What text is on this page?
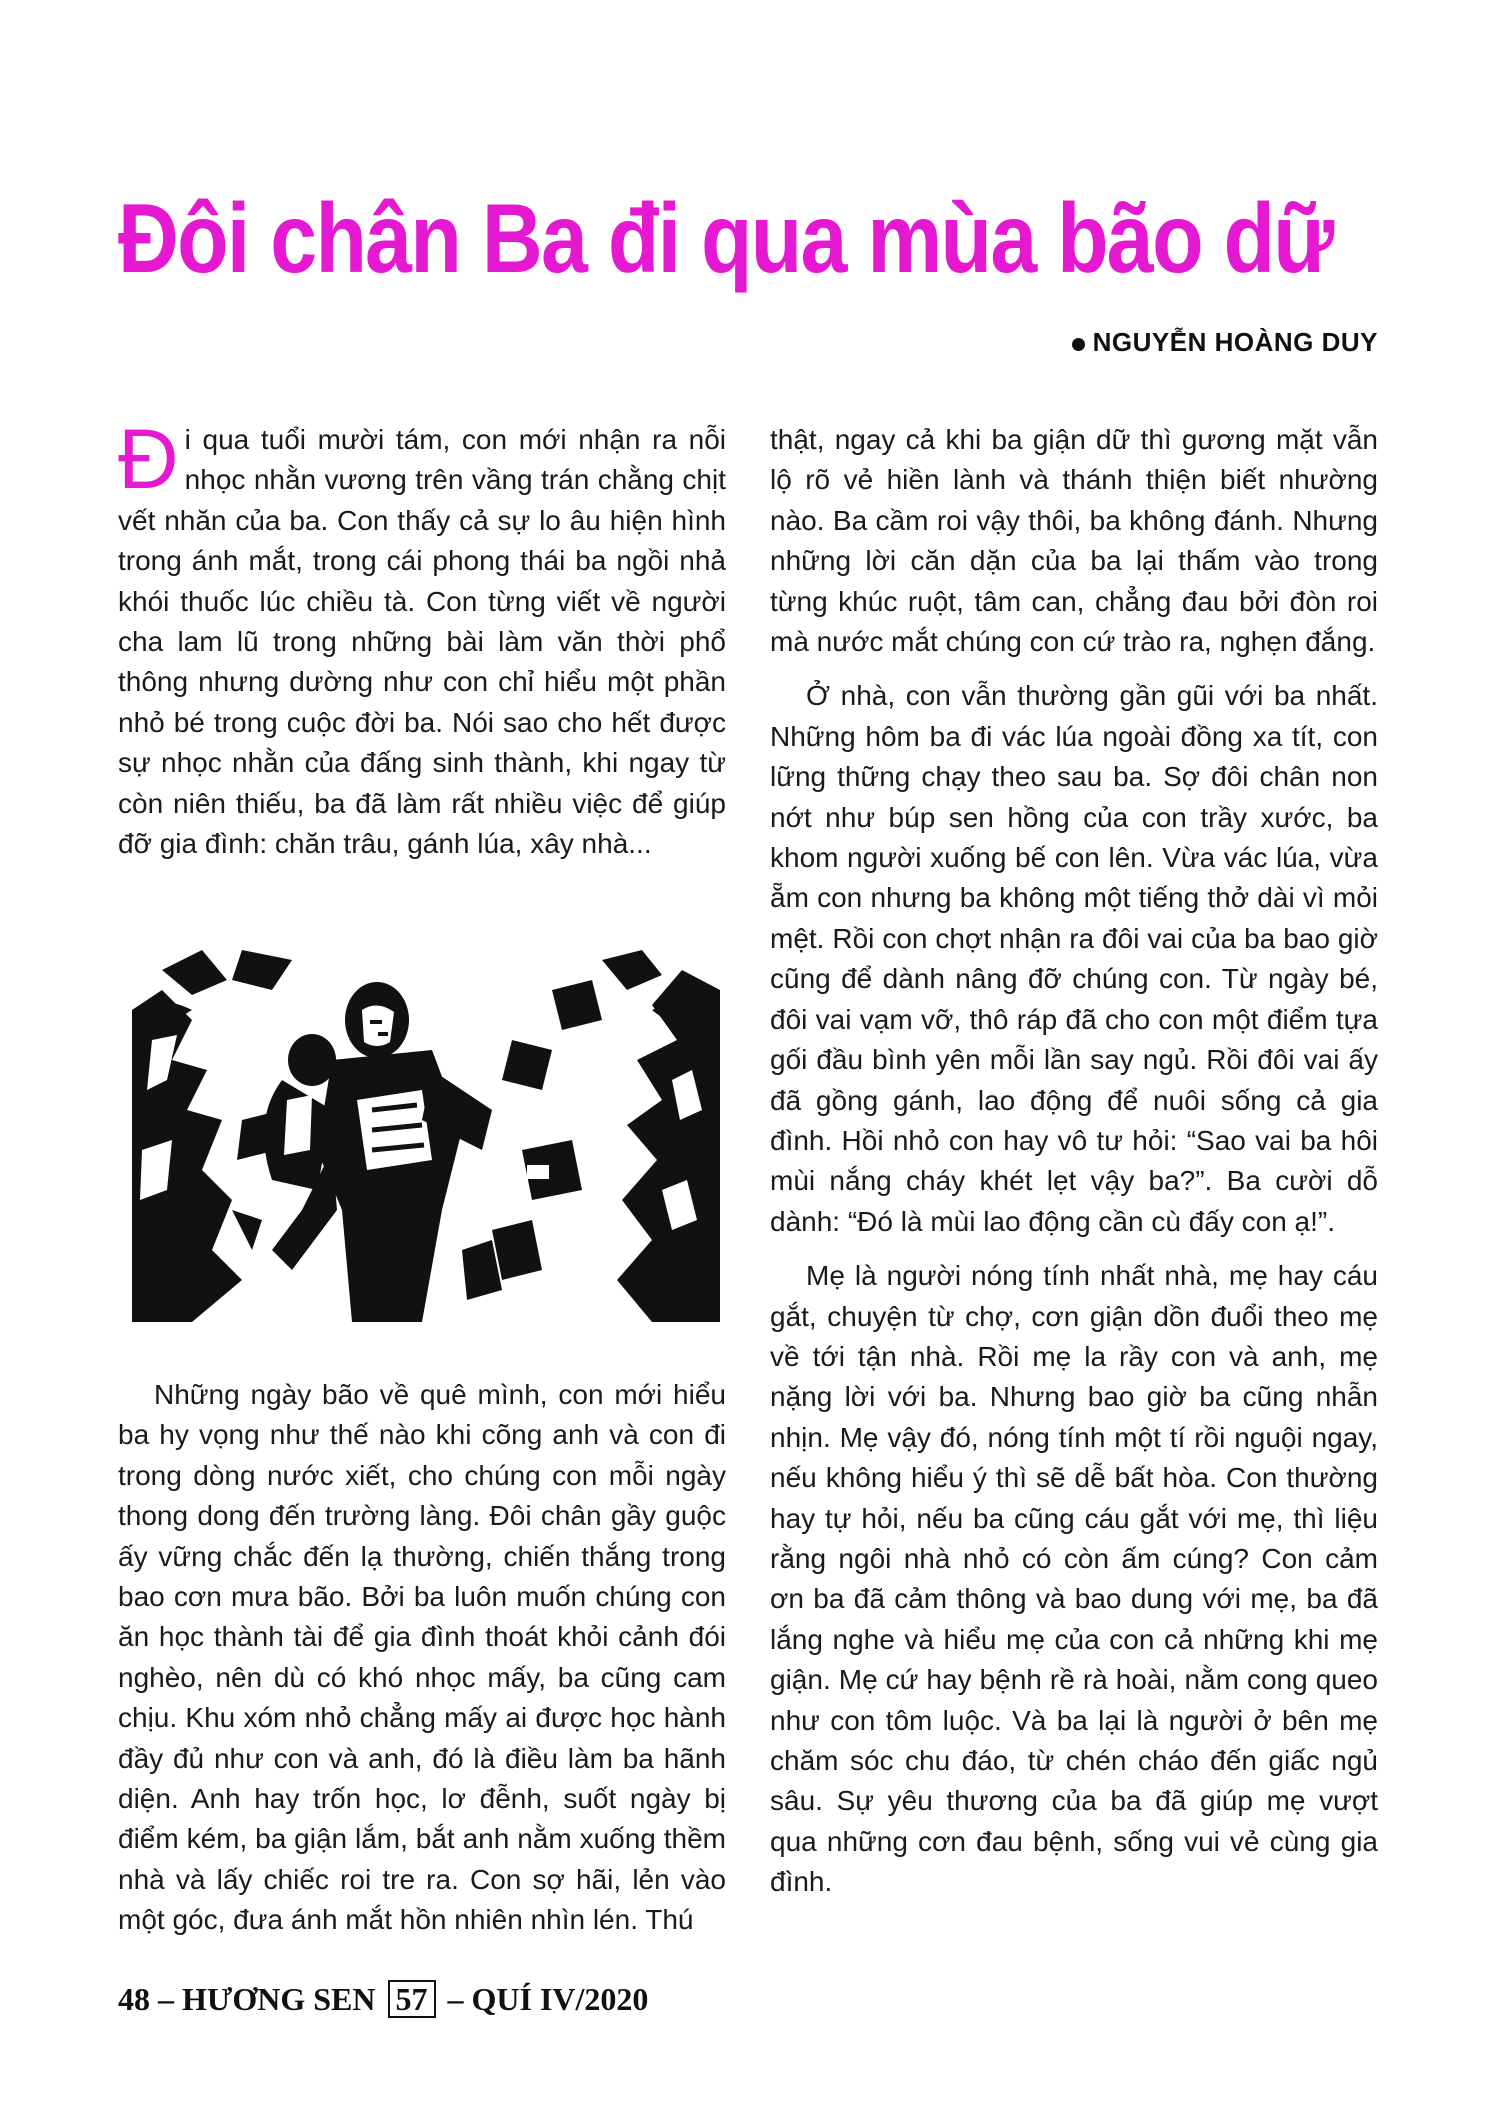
Đôi chân Ba đi qua mùa bão dữ
NGUYỄN HOÀNG DUY

Đi qua tuổi mười tám, con mới nhận ra nỗi nhọc nhằn vương trên vầng trán chằng chịt vết nhăn của ba. Con thấy cả sự lo âu hiện hình trong ánh mắt, trong cái phong thái ba ngồi nhả khói thuốc lúc chiều tà. Con từng viết về người cha lam lũ trong những bài làm văn thời phổ thông nhưng dường như con chỉ hiểu một phần nhỏ bé trong cuộc đời ba. Nói sao cho hết được sự nhọc nhằn của đấng sinh thành, khi ngay từ còn niên thiếu, ba đã làm rất nhiều việc để giúp đỡ gia đình: chăn trâu, gánh lúa, xây nhà...

Những ngày bão về quê mình, con mới hiểu ba hy vọng như thế nào khi cõng anh và con đi trong dòng nước xiết, cho chúng con mỗi ngày thong dong đến trường làng. Đôi chân gầy guộc ấy vững chắc đến lạ thường, chiến thắng trong bao cơn mưa bão. Bởi ba luôn muốn chúng con ăn học thành tài để gia đình thoát khỏi cảnh đói nghèo, nên dù có khó nhọc mấy, ba cũng cam chịu. Khu xóm nhỏ chẳng mấy ai được học hành đầy đủ như con và anh, đó là điều làm ba hãnh diện. Anh hay trốn học, lơ đễnh, suốt ngày bị điểm kém, ba giận lắm, bắt anh nằm xuống thềm nhà và lấy chiếc roi tre ra. Con sợ hãi, lẻn vào một góc, đưa ánh mắt hồn nhiên nhìn lén. Thú

thật, ngay cả khi ba giận dữ thì gương mặt vẫn lộ rõ vẻ hiền lành và thánh thiện biết nhường nào. Ba cầm roi vậy thôi, ba không đánh. Nhưng những lời căn dặn của ba lại thấm vào trong từng khúc ruột, tâm can, chẳng đau bởi đòn roi mà nước mắt chúng con cứ trào ra, nghẹn đắng.

Ở nhà, con vẫn thường gần gũi với ba nhất. Những hôm ba đi vác lúa ngoài đồng xa tít, con lững thững chạy theo sau ba. Sợ đôi chân non nớt như búp sen hồng của con trầy xước, ba khom người xuống bế con lên. Vừa vác lúa, vừa ẵm con nhưng ba không một tiếng thở dài vì mỏi mệt. Rồi con chợt nhận ra đôi vai của ba bao giờ cũng để dành nâng đỡ chúng con. Từ ngày bé, đôi vai vạm vỡ, thô ráp đã cho con một điểm tựa gối đầu bình yên mỗi lần say ngủ. Rồi đôi vai ấy đã gồng gánh, lao động để nuôi sống cả gia đình. Hồi nhỏ con hay vô tư hỏi: “Sao vai ba hôi mùi nắng cháy khét lẹt vậy ba?”. Ba cười dỗ dành: “Đó là mùi lao động cần cù đấy con ạ!”.

Mẹ là người nóng tính nhất nhà, mẹ hay cáu gắt, chuyện từ chợ, cơn giận dồn đuổi theo mẹ về tới tận nhà. Rồi mẹ la rầy con và anh, mẹ nặng lời với ba. Nhưng bao giờ ba cũng nhẫn nhịn. Mẹ vậy đó, nóng tính một tí rồi nguội ngay, nếu không hiểu ý thì sẽ dễ bất hòa. Con thường hay tự hỏi, nếu ba cũng cáu gắt với mẹ, thì liệu rằng ngôi nhà nhỏ có còn ấm cúng? Con cảm ơn ba đã cảm thông và bao dung với mẹ, ba đã lắng nghe và hiểu mẹ của con cả những khi mẹ giận. Mẹ cứ hay bệnh rề rà hoài, nằm cong queo như con tôm luộc. Và ba lại là người ở bên mẹ chăm sóc chu đáo, từ chén cháo đến giấc ngủ sâu. Sự yêu thương của ba đã giúp mẹ vượt qua những cơn đau bệnh, sống vui vẻ cùng gia đình.

48 – HƯƠNG SEN 57 – QUÍ IV/2020
